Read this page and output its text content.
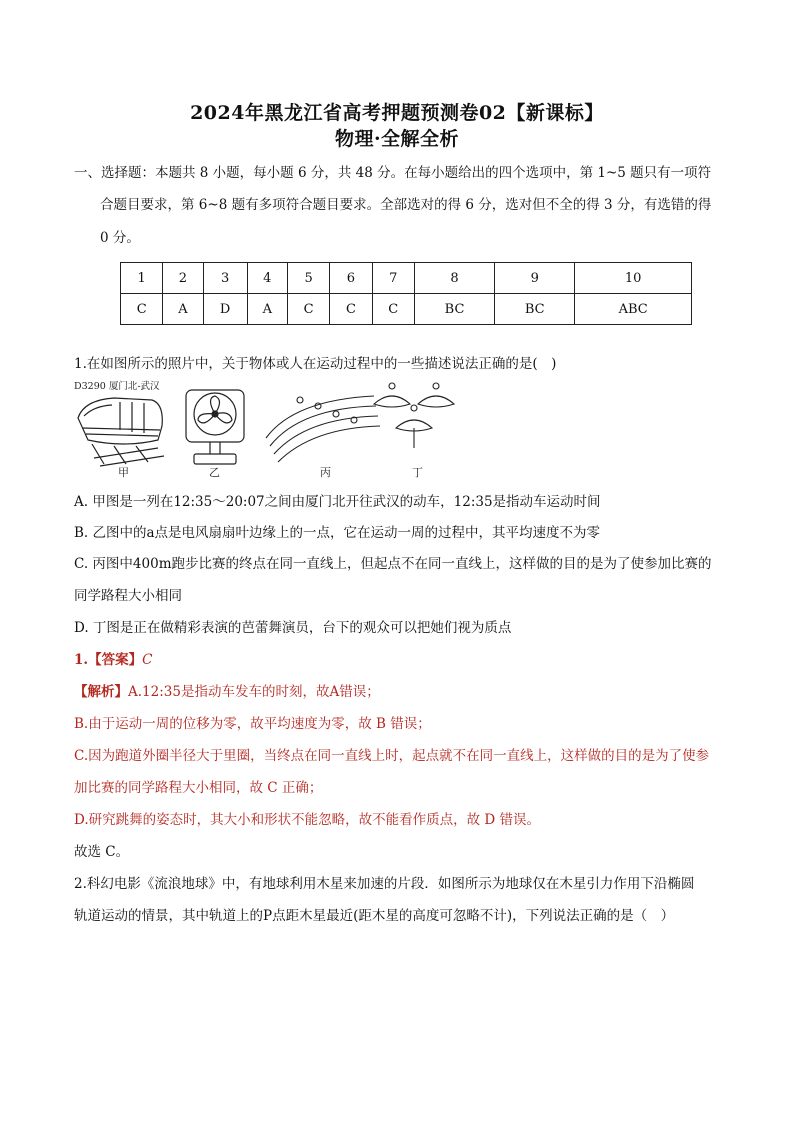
2024年黑龙江省高考押题预测卷02【新课标】
物理·全解全析
一、选择题：本题共 8 小题，每小题 6 分，共 48 分。在每小题给出的四个选项中，第 1~5 题只有一项符
合题目要求，第 6~8 题有多项符合题目要求。全部选对的得 6 分，选对但不全的得 3 分，有选错的得
0 分。
1	2	3	4	5	6	7	8	9	10
C	A	D	A	C	C	C	BC	BC	ABC
1.在如图所示的照片中，关于物体或人在运动过程中的一些描述说法正确的是(　)
D3290 厦门北-武汉
甲	乙	丙	丁
A. 甲图是一列在12:35～20:07之间由厦门北开往武汉的动车，12:35是指动车运动时间
B. 乙图中的a点是电风扇扇叶边缘上的一点，它在运动一周的过程中，其平均速度不为零
C. 丙图中400m跑步比赛的终点在同一直线上，但起点不在同一直线上，这样做的目的是为了使参加比赛的
同学路程大小相同
D. 丁图是正在做精彩表演的芭蕾舞演员，台下的观众可以把她们视为质点
1.【答案】C
【解析】A.12:35是指动车发车的时刻，故A错误；
B.由于运动一周的位移为零，故平均速度为零，故 B 错误；
C.因为跑道外圈半径大于里圈，当终点在同一直线上时，起点就不在同一直线上，这样做的目的是为了使参
加比赛的同学路程大小相同，故 C 正确；
D.研究跳舞的姿态时，其大小和形状不能忽略，故不能看作质点，故 D 错误。
故选 C。
2.科幻电影《流浪地球》中，有地球利用木星来加速的片段．如图所示为地球仅在木星引力作用下沿椭圆
轨道运动的情景，其中轨道上的P点距木星最近(距木星的高度可忽略不计)，下列说法正确的是（　）
